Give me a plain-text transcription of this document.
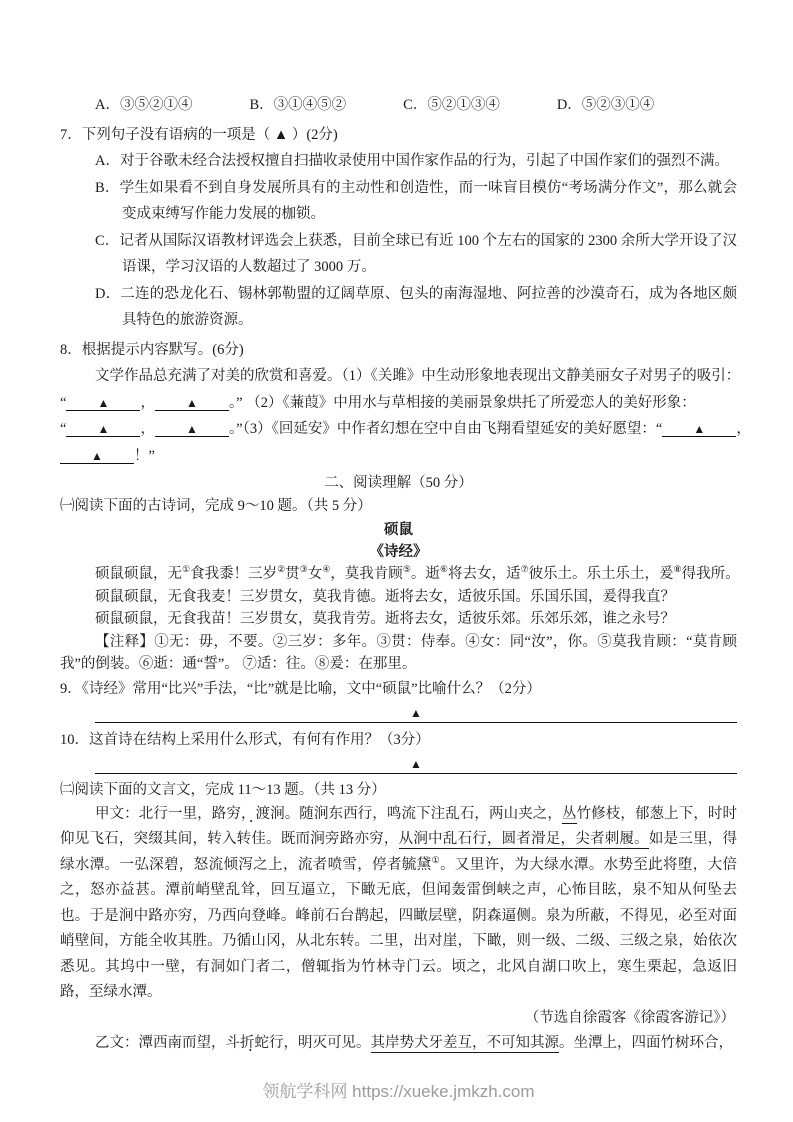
A．③⑤②①④	B．③①④⑤②	C．⑤②①③④	D．⑤②③①④

7．下列句子没有语病的一项是（ ▲ ）(2分)

A．对于谷歌未经合法授权擅自扫描收录使用中国作家作品的行为，引起了中国作家们的强烈不满。

B．学生如果看不到自身发展所具有的主动性和创造性，而一味盲目模仿“考场满分作文”，那么就会变成束缚写作能力发展的枷锁。

C．记者从国际汉语教材评选会上获悉，目前全球已有近 100 个左右的国家的 2300 余所大学开设了汉语课，学习汉语的人数超过了 3000 万。

D．二连的恐龙化石、锡林郭勒盟的辽阔草原、包头的南海湿地、阿拉善的沙漠奇石，成为各地区颇具特色的旅游资源。

8．根据提示内容默写。(6分)

文学作品总充满了对美的欣赏和喜爱。（1）《关雎》中生动形象地表现出文静美丽女子对男子的吸引：

“	▲ ，	▲ 。” （2）《蒹葭》中用水与草相接的美丽景象烘托了所爱恋人的美好形象：

“	▲ ，	▲ 。”（3）《回延安》中作者幻想在空中自由飞翔看望延安的美好愿望：“	▲ ，

▲ ！”

二、阅读理解（50 分）

㈠阅读下面的古诗词，完成 9～10 题。（共 5 分）

硕鼠

《诗经》

硕鼠硕鼠，无①食我黍！三岁②贯③女④，莫我肯顾⑤。逝⑥将去女，适⑦彼乐土。乐土乐土，爰⑧得我所。

硕鼠硕鼠，无食我麦！三岁贯女，莫我肯德。逝将去女，适彼乐国。乐国乐国，爰得我直？

硕鼠硕鼠，无食我苗！三岁贯女，莫我肯劳。逝将去女，适彼乐郊。乐郊乐郊，谁之永号？

【注释】①无：毋，不要。②三岁：多年。③贯：侍奉。④女：同“汝”，你。⑤莫我肯顾：“莫肯顾我”的倒装。⑥逝：通“誓”。 ⑦适：往。⑧爰：在那里。

9．《诗经》常用“比兴”手法，“比”就是比喻，文中“硕鼠”比喻什么？（2分）

▲

10．这首诗在结构上采用什么形式，有何有作用？（3分）

▲

㈡阅读下面的文言文，完成 11～13 题。（共 13 分）

甲文：北行一里，路穷，渡涧。随涧东西行，鸣流下注乱石，两山夹之，丛竹修枝，郁葱上下，时时仰见飞石，突缀其间，转入转佳。既而涧旁路亦穷，从涧中乱石行，圆者滑足，尖者刺履。如是三里，得绿水潭。一弘深碧，怒流倾泻之上，流者喷雪，停者毓黛①。又里许，为大绿水潭。水势至此将堕，大倍之，怒亦益甚。潭前峭壁乱耸，回互逼立，下瞰无底，但闻轰雷倒峡之声，心怖目眩，泉不知从何坠去也。于是涧中路亦穷，乃西向登峰。峰前石台鹊起，四瞰层壁，阴森逼侧。泉为所蔽，不得见，必至对面峭壁间，方能全收其胜。乃循山冈，从北东转。二里，出对崖，下瞰，则一级、二级、三级之泉，始依次悉见。其坞中一壁，有洞如门者二，僧辄指为竹林寺门云。顷之，北风自湖口吹上，寒生栗起，急返旧路，至绿水潭。

（节选自徐霞客《徐霞客游记》）

乙文：潭西南而望，斗折蛇行，明灭可见。其岸势犬牙差互，不可知其源。坐潭上，四面竹树环合，

领航学科网 https://xueke.jmkzh.com
